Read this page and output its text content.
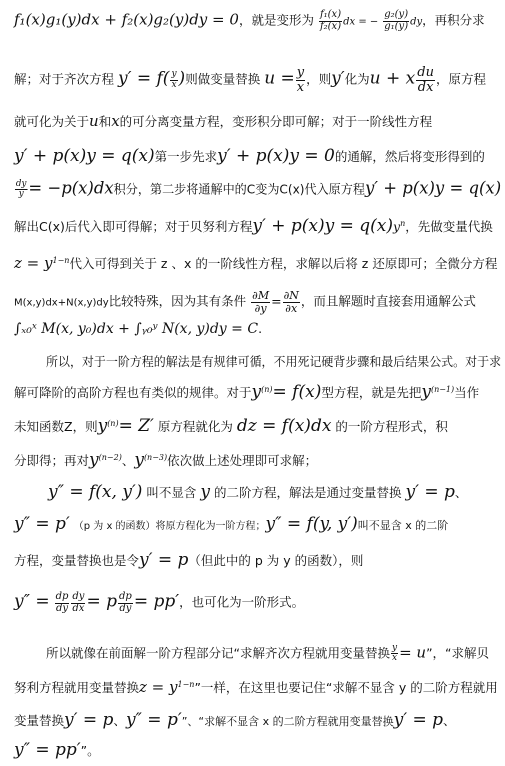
f₁(x)g₁(y)dx + f₂(x)g₂(y)dy = 0，就是变形为 $\frac{\text{f₁(x)}}{\text{f₂(x)}}$ dx = − $\frac{\text{g₂(y)}}{\text{g₁(y)}}$ dy，再积分求
解；对于齐次方程 $y' = f( \frac{y}{x}$ )则做变量替换 $u = \frac{y}{x}$ ，则y′化为u + x $\frac{du}{dx}$ ，原方程
就可化为关于u和x的可分离变量方程，变形积分即可解；对于一阶线性方程
y′ + p(x)y = q(x)第一步先求y′ + p(x)y = 0的通解，然后将变形得到的
$\frac{dy}{y} = -p(x)dx$积分，第二步将通解中的C变为C(x)代入原方程y′ + p(x)y = q(x)
解出C(x)后代入即可得解；对于贝努利方程$y' + p(x)y = q(x)y^n$，先做变量代换
$z = y^{1-n}$代入可得到关于 z 、x 的一阶线性方程，求解以后将 z 还原即可；全微分方程
M(x,y)dx+N(x,y)dy比较特殊，因为其有条件 $\frac{\partial M}{\partial y} = \frac{\partial N}{\partial x}$ ，而且解题时直接套用通解公式
∫ₓ₀ˣ M(x, y₀)dx + ∫ᵧ₀ʸ N(x, y)dy = C.
所以，对于一阶方程的解法是有规律可循，不用死记硬背步骤和最后结果公式。对于求
解可降阶的高阶方程也有类似的规律。对于$y^{(n)}= f(x)$型方程，就是先把$y^{(n-1)}$当作
未知函数Z，则$y^{(n)}= Z'$ 原方程就化为 dz = f(x)dx 的一阶方程形式，积
分即得；再对$y^{(n-2)}$、$y^{(n-3)}$依次做上述处理即可求解；
y″ = f(x, y′) 叫不显含 y 的二阶方程，解法是通过变量替换 y′ = p、
y″ = p′ （p 为 x 的函数）将原方程化为一阶方程；y″ = f(y, y′)叫不显含 x 的二阶
方程，变量替换也是令y′ = p（但此中的 p 为 y 的函数），则
$y'' = \frac{dp}{dy} \frac{dy}{dx} = p \frac{dp}{dy} = pp'$，也可化为一阶形式。
所以就像在前面解一阶方程部分记“求解齐次方程就用变量替换 $\frac{y}{x} = u$”，“求解贝
努利方程就用变量替换$z = y^{1-n}$”一样，在这里也要记住“求解不显含 y 的二阶方程就用
变量替换y′ = p、y″ = p′”、“求解不显含 x 的二阶方程就用变量替换y′ = p、
y″ = pp′”。
